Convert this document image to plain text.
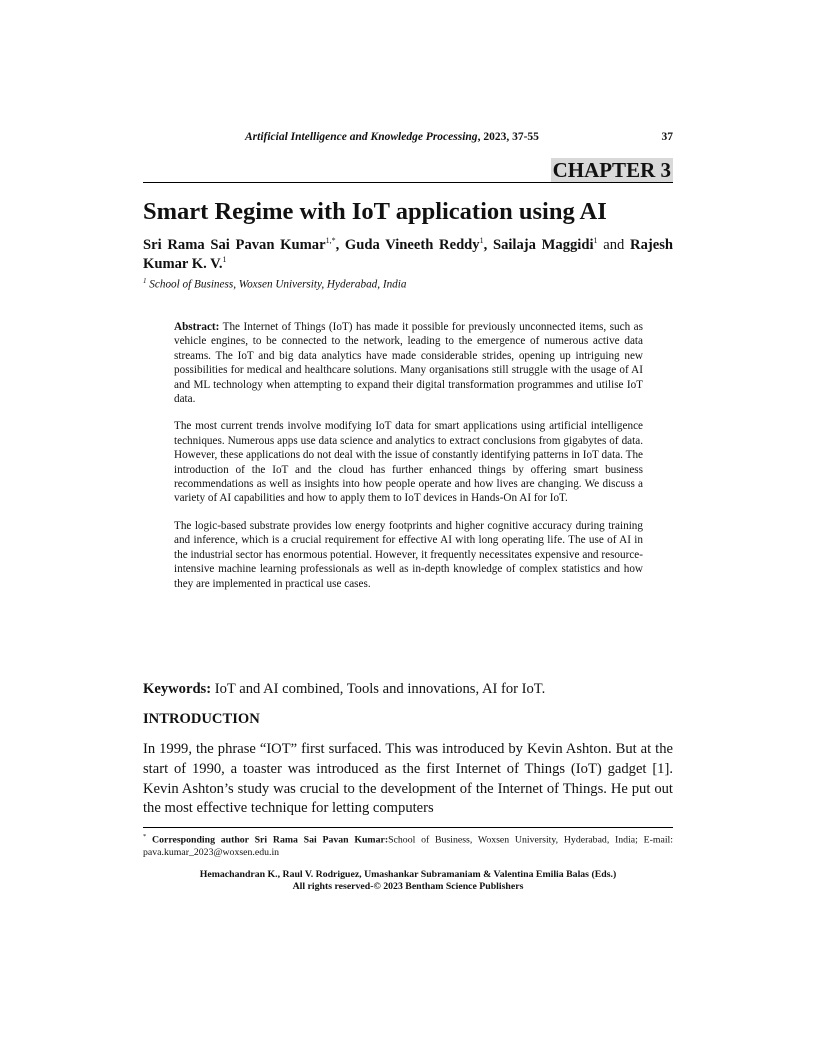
Artificial Intelligence and Knowledge Processing, 2023, 37-55	37
CHAPTER 3
Smart Regime with IoT application using AI
Sri Rama Sai Pavan Kumar$^{1,*}$, Guda Vineeth Reddy$^1$, Sailaja Maggidi$^1$ and Rajesh Kumar K. V.$^1$
$^1$ School of Business, Woxsen University, Hyderabad, India

Abstract: The Internet of Things (IoT) has made it possible for previously unconnected items, such as vehicle engines, to be connected to the network, leading to the emergence of numerous active data streams. The IoT and big data analytics have made considerable strides, opening up intriguing new possibilities for medical and healthcare solutions. Many organisations still struggle with the usage of AI and ML technology when attempting to expand their digital transformation programmes and utilise IoT data.

The most current trends involve modifying IoT data for smart applications using artificial intelligence techniques. Numerous apps use data science and analytics to extract conclusions from gigabytes of data. However, these applications do not deal with the issue of constantly identifying patterns in IoT data. The introduction of the IoT and the cloud has further enhanced things by offering smart business recommendations as well as insights into how people operate and how lives are changing. We discuss a variety of AI capabilities and how to apply them to IoT devices in Hands-On AI for IoT.

The logic-based substrate provides low energy footprints and higher cognitive accuracy during training and inference, which is a crucial requirement for effective AI with long operating life. The use of AI in the industrial sector has enormous potential. However, it frequently necessitates expensive and resource-intensive machine learning professionals as well as in-depth knowledge of complex statistics and how they are implemented in practical use cases.

Keywords: IoT and AI combined, Tools and innovations, AI for IoT.
INTRODUCTION

In 1999, the phrase “IOT” first surfaced. This was introduced by Kevin Ashton. But at the start of 1990, a toaster was introduced as the first Internet of Things (IoT) gadget [1]. Kevin Ashton’s study was crucial to the development of the Internet of Things. He put out the most effective technique for letting computers

* Corresponding author Sri Rama Sai Pavan Kumar:School of Business, Woxsen University, Hyderabad, India; E-mail: pava.kumar_2023@woxsen.edu.in
Hemachandran K., Raul V. Rodriguez, Umashankar Subramaniam & Valentina Emilia Balas (Eds.)
All rights reserved-© 2023 Bentham Science Publishers
